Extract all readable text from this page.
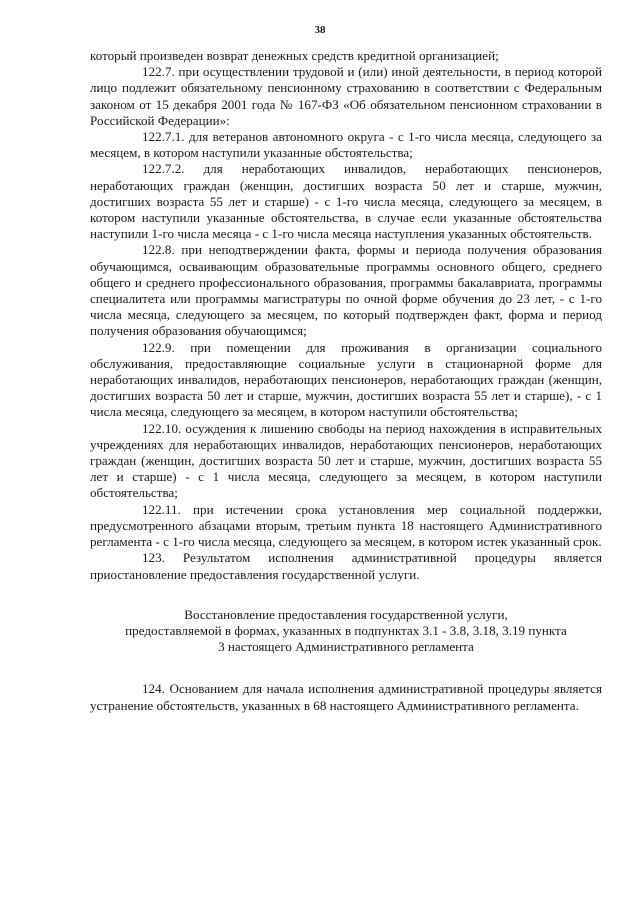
38

который произведен возврат денежных средств кредитной организацией;

122.7. при осуществлении трудовой и (или) иной деятельности, в период которой лицо подлежит обязательному пенсионному страхованию в соответствии с Федеральным законом от 15 декабря 2001 года № 167-ФЗ «Об обязательном пенсионном страховании в Российской Федерации»:

122.7.1. для ветеранов автономного округа - с 1-го числа месяца, следующего за месяцем, в котором наступили указанные обстоятельства;

122.7.2. для неработающих инвалидов, неработающих пенсионеров, неработающих граждан (женщин, достигших возраста 50 лет и старше, мужчин, достигших возраста 55 лет и старше) - с 1-го числа месяца, следующего за месяцем, в котором наступили указанные обстоятельства, в случае если указанные обстоятельства наступили 1-го числа месяца - с 1-го числа месяца наступления указанных обстоятельств.

122.8. при неподтверждении факта, формы и периода получения образования обучающимся, осваивающим образовательные программы основного общего, среднего общего и среднего профессионального образования, программы бакалавриата, программы специалитета или программы магистратуры по очной форме обучения до 23 лет, - с 1-го числа месяца, следующего за месяцем, по который подтвержден факт, форма и период получения образования обучающимся;

122.9. при помещении для проживания в организации социального обслуживания, предоставляющие социальные услуги в стационарной форме для неработающих инвалидов, неработающих пенсионеров, неработающих граждан (женщин, достигших возраста 50 лет и старше, мужчин, достигших возраста 55 лет и старше), - с 1 числа месяца, следующего за месяцем, в котором наступили обстоятельства;

122.10. осуждения к лишению свободы на период нахождения в исправительных учреждениях для неработающих инвалидов, неработающих пенсионеров, неработающих граждан (женщин, достигших возраста 50 лет и старше, мужчин, достигших возраста 55 лет и старше) - с 1 числа месяца, следующего за месяцем, в котором наступили обстоятельства;

122.11. при истечении срока установления мер социальной поддержки, предусмотренного абзацами вторым, третьим пункта 18 настоящего Административного регламента - с 1-го числа месяца, следующего за месяцем, в котором истек указанный срок.

123. Результатом исполнения административной процедуры является приостановление предоставления государственной услуги.

Восстановление предоставления государственной услуги,
предоставляемой в формах, указанных в подпунктах 3.1 - 3.8, 3.18, 3.19 пункта
3 настоящего Административного регламента

124. Основанием для начала исполнения административной процедуры является устранение обстоятельств, указанных в 68 настоящего Административного регламента.
